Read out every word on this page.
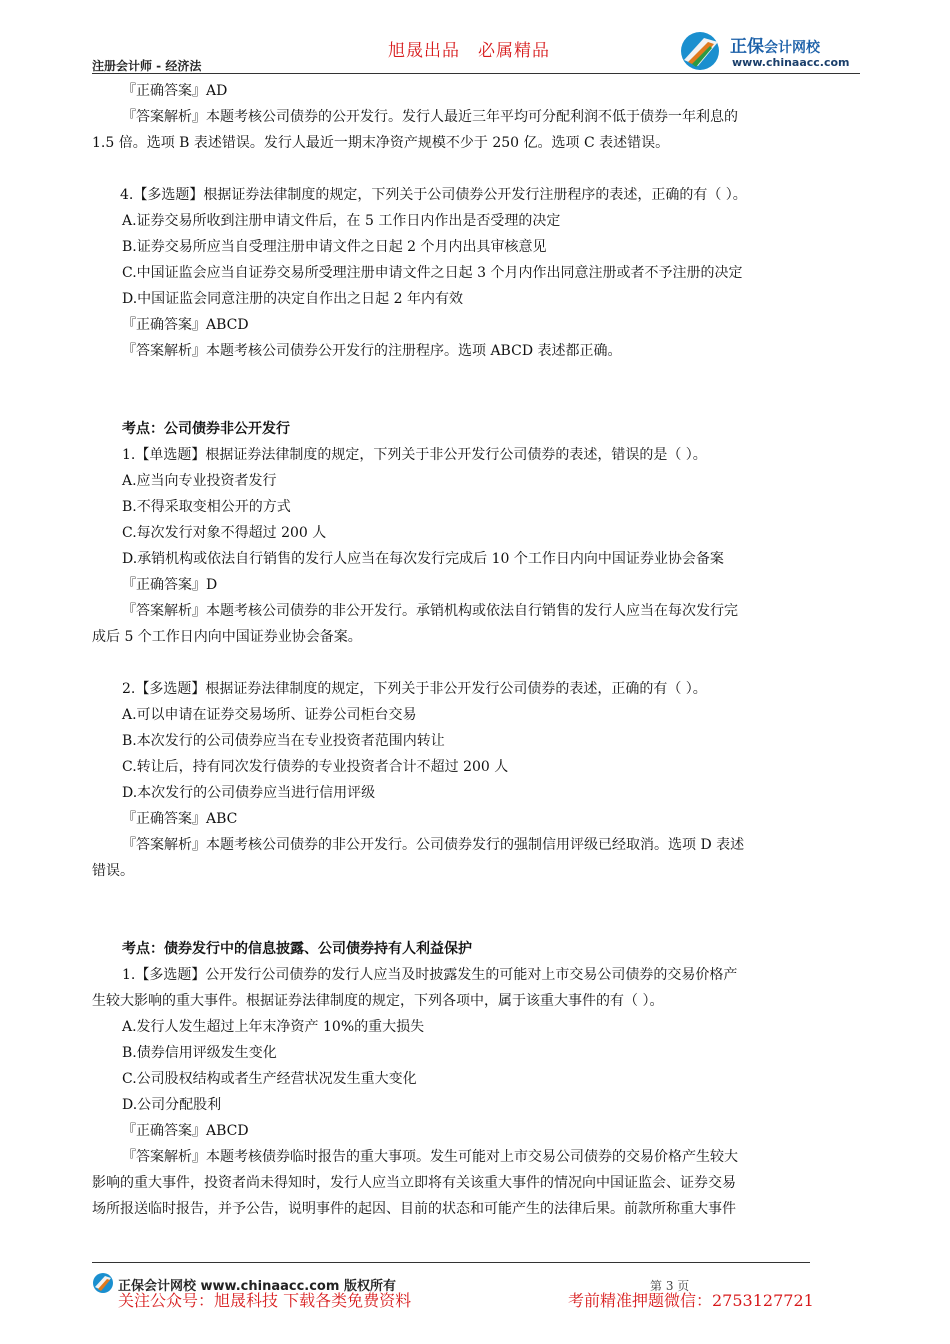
注册会计师 - 经济法
旭晟出品　必属精品	正保会计网校
www.chinaacc.com
『正确答案』AD
『答案解析』本题考核公司债券的公开发行。发行人最近三年平均可分配利润不低于债券一年利息的
1.5 倍。选项 B 表述错误。发行人最近一期末净资产规模不少于 250 亿。选项 C 表述错误。
4.【多选题】根据证券法律制度的规定，下列关于公司债券公开发行注册程序的表述，正确的有（ ）。
A.证券交易所收到注册申请文件后，在 5 工作日内作出是否受理的决定
B.证券交易所应当自受理注册申请文件之日起 2 个月内出具审核意见
C.中国证监会应当自证券交易所受理注册申请文件之日起 3 个月内作出同意注册或者不予注册的决定
D.中国证监会同意注册的决定自作出之日起 2 年内有效
『正确答案』ABCD
『答案解析』本题考核公司债券公开发行的注册程序。选项 ABCD 表述都正确。
考点：公司债券非公开发行
1.【单选题】根据证券法律制度的规定，下列关于非公开发行公司债券的表述，错误的是（ ）。
A.应当向专业投资者发行
B.不得采取变相公开的方式
C.每次发行对象不得超过 200 人
D.承销机构或依法自行销售的发行人应当在每次发行完成后 10 个工作日内向中国证券业协会备案
『正确答案』D
『答案解析』本题考核公司债券的非公开发行。承销机构或依法自行销售的发行人应当在每次发行完
成后 5 个工作日内向中国证券业协会备案。
2.【多选题】根据证券法律制度的规定，下列关于非公开发行公司债券的表述，正确的有（ ）。
A.可以申请在证券交易场所、证券公司柜台交易
B.本次发行的公司债券应当在专业投资者范围内转让
C.转让后，持有同次发行债券的专业投资者合计不超过 200 人
D.本次发行的公司债券应当进行信用评级
『正确答案』ABC
『答案解析』本题考核公司债券的非公开发行。公司债券发行的强制信用评级已经取消。选项 D 表述
错误。
考点：债券发行中的信息披露、公司债券持有人利益保护
1.【多选题】公开发行公司债券的发行人应当及时披露发生的可能对上市交易公司债券的交易价格产
生较大影响的重大事件。根据证券法律制度的规定，下列各项中，属于该重大事件的有（ ）。
A.发行人发生超过上年末净资产 10%的重大损失
B.债券信用评级发生变化
C.公司股权结构或者生产经营状况发生重大变化
D.公司分配股利
『正确答案』ABCD
『答案解析』本题考核债券临时报告的重大事项。发生可能对上市交易公司债券的交易价格产生较大
影响的重大事件，投资者尚未得知时，发行人应当立即将有关该重大事件的情况向中国证监会、证券交易
场所报送临时报告，并予公告，说明事件的起因、目前的状态和可能产生的法律后果。前款所称重大事件
正保会计网校 www.chinaacc.com 版权所有	第 3 页
关注公众号：旭晟科技 下载各类免费资料	考前精准押题微信：2753127721
